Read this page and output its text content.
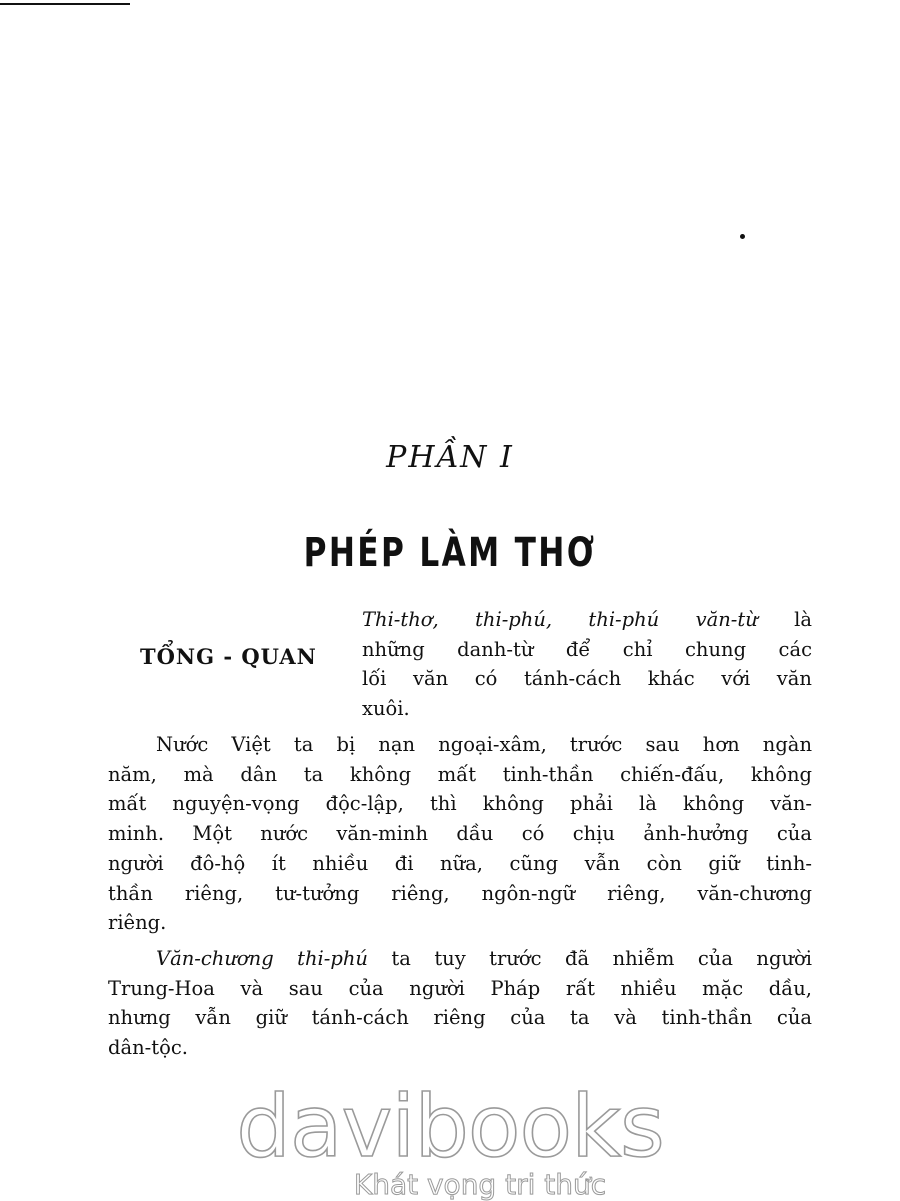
PHẦN I
PHÉP LÀM THƠ
TỔNG - QUAN
Thi-thơ, thi-phú, thi-phú văn-từ là
những danh-từ để chỉ chung các
lối văn có tánh-cách khác với văn
xuôi.
Nước Việt ta bị nạn ngoại-xâm, trước sau hơn ngàn
năm, mà dân ta không mất tinh-thần chiến-đấu, không
mất nguyện-vọng độc-lập, thì không phải là không văn-
minh. Một nước văn-minh dầu có chịu ảnh-hưởng của
người đô-hộ ít nhiều đi nữa, cũng vẫn còn giữ tinh-
thần riêng, tư-tưởng riêng, ngôn-ngữ riêng, văn-chương
riêng.
Văn-chương thi-phú ta tuy trước đã nhiễm của người
Trung-Hoa và sau của người Pháp rất nhiều mặc dầu,
nhưng vẫn giữ tánh-cách riêng của ta và tinh-thần của
dân-tộc.
davibooks
Khát vọng tri thức
